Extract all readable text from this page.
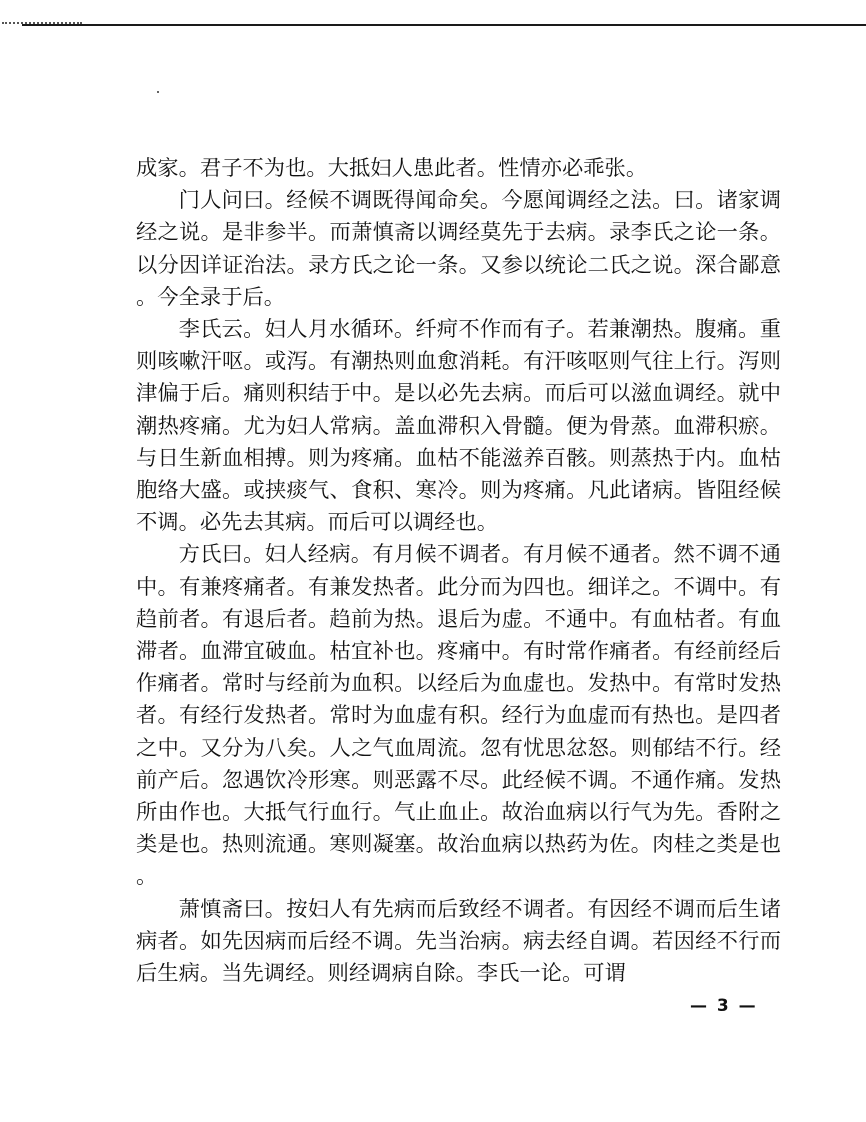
成家。君子不为也。大抵妇人患此者。性情亦必乖张。

门人问曰。经候不调既得闻命矣。今愿闻调经之法。曰。诸家调经之说。是非参半。而萧慎斋以调经莫先于去病。录李氏之论一条。以分因详证治法。录方氏之论一条。又参以统论二氏之说。深合鄙意。今全录于后。

李氏云。妇人月水循环。纤疴不作而有子。若兼潮热。腹痛。重则咳嗽汗呕。或泻。有潮热则血愈消耗。有汗咳呕则气往上行。泻则津偏于后。痛则积结于中。是以必先去病。而后可以滋血调经。就中潮热疼痛。尤为妇人常病。盖血滞积入骨髓。便为骨蒸。血滞积瘀。与日生新血相搏。则为疼痛。血枯不能滋养百骸。则蒸热于内。血枯胞络大盛。或挟痰气、食积、寒冷。则为疼痛。凡此诸病。皆阻经候不调。必先去其病。而后可以调经也。

方氏曰。妇人经病。有月候不调者。有月候不通者。然不调不通中。有兼疼痛者。有兼发热者。此分而为四也。细详之。不调中。有趋前者。有退后者。趋前为热。退后为虚。不通中。有血枯者。有血滞者。血滞宜破血。枯宜补也。疼痛中。有时常作痛者。有经前经后作痛者。常时与经前为血积。以经后为血虚也。发热中。有常时发热者。有经行发热者。常时为血虚有积。经行为血虚而有热也。是四者之中。又分为八矣。人之气血周流。忽有忧思忿怒。则郁结不行。经前产后。忽遇饮冷形寒。则恶露不尽。此经候不调。不通作痛。发热所由作也。大抵气行血行。气止血止。故治血病以行气为先。香附之类是也。热则流通。寒则凝塞。故治血病以热药为佐。肉桂之类是也。

萧慎斋曰。按妇人有先病而后致经不调者。有因经不调而后生诸病者。如先因病而后经不调。先当治病。病去经自调。若因经不行而后生病。当先调经。则经调病自除。李氏一论。可谓

— 3 —
